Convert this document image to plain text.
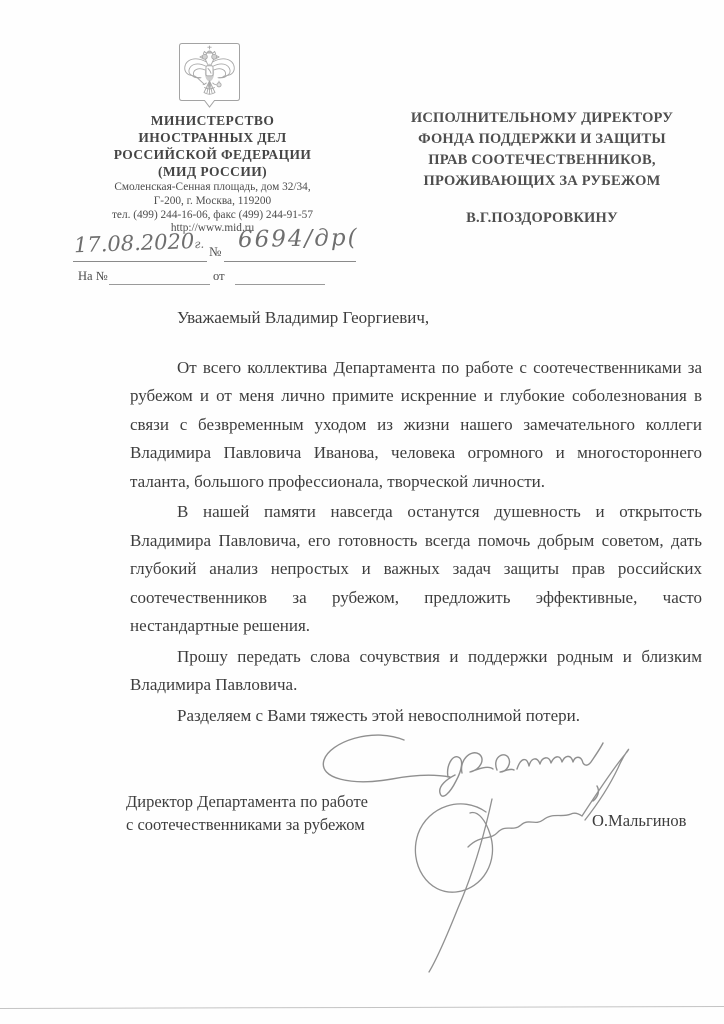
МИНИСТЕРСТВО
ИНОСТРАННЫХ ДЕЛ
РОССИЙСКОЙ ФЕДЕРАЦИИ
(МИД РОССИИ)
Смоленская-Сенная площадь, дом 32/34,
Г-200, г. Москва, 119200
тел. (499) 244-16-06, факс (499) 244-91-57
http://www.mid.ru
17.08.2020г.
№ 6694/др(
На №	от
ИСПОЛНИТЕЛЬНОМУ ДИРЕКТОРУ
ФОНДА ПОДДЕРЖКИ И ЗАЩИТЫ
ПРАВ СООТЕЧЕСТВЕННИКОВ,
ПРОЖИВАЮЩИХ ЗА РУБЕЖОМ
В.Г.ПОЗДОРОВКИНУ

Уважаемый Владимир Георгиевич,

От всего коллектива Департамента по работе с соотечественниками за рубежом и от меня лично примите искренние и глубокие соболезнования в связи с безвременным уходом из жизни нашего замечательного коллеги Владимира Павловича Иванова, человека огромного и многостороннего таланта, большого профессионала, творческой личности.

В нашей памяти навсегда останутся душевность и открытость Владимира Павловича, его готовность всегда помочь добрым советом, дать глубокий анализ непростых и важных задач защиты прав российских соотечественников за рубежом, предложить эффективные, часто нестандартные решения.

Прошу передать слова сочувствия и поддержки родным и близким Владимира Павловича.

Разделяем с Вами тяжесть этой невосполнимой потери.

Директор Департамента по работе
с соотечественниками за рубежом	О.Мальгинов
